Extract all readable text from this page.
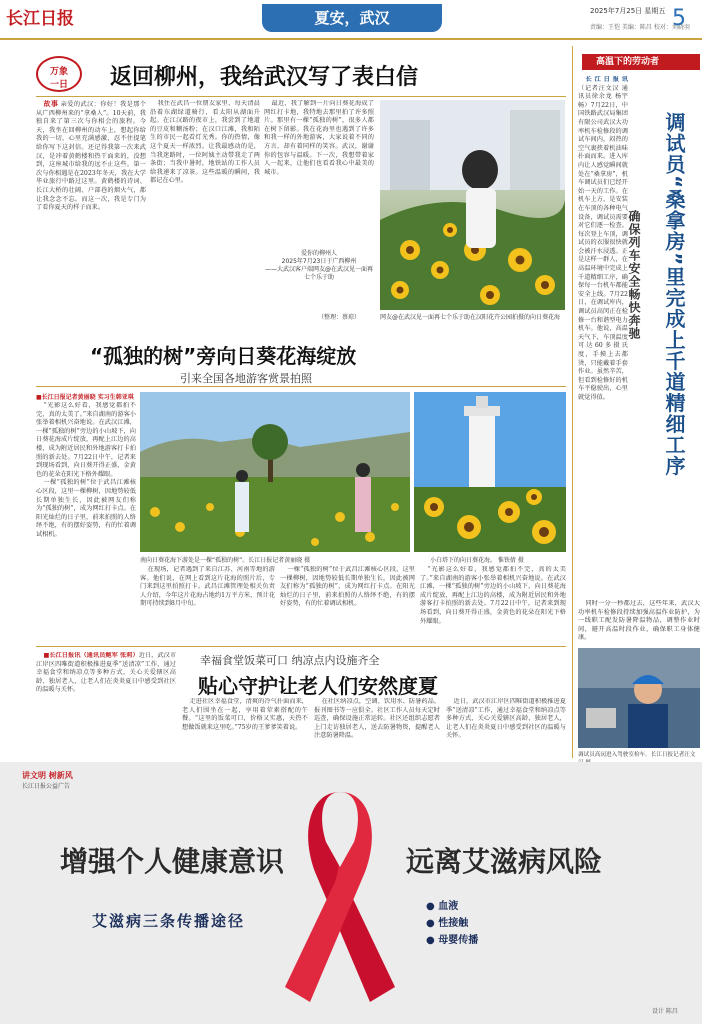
长江日报	夏安，武汉	2025年7月25日 星期五
责编：王恺 美编：陈昌 校对：刘晓羽
5
万象
一日	返回柳州，我给武汉写了表白信

故事 亲爱的武汉：你好！我是那个从广西柳州来的“拿桑人”。10天前，我独自来了第三次与你相会的旅程。今天，我坐在回柳州的动车上，想起你给我的一切，心里充满感激，忍不住提笔给你写下这封信。还记得我第一次来武汉，是冲着黄鹤楼和热干面来的，没想到，这座城市给我的远不止这些。第一次与你相遇是在2023年冬天，我在大学毕业旅行中路过这里。黄鹤楼的诗词、长江大桥的壮阔、户部巷的烟火气，都让我念念不忘。而这一次，我是专门为了看你夏天的样子而来。

我住在武昌一位朋友家里，每天清晨沿着东湖绿道骑行，看太阳从湖面升起。在江汉路的夜市上，我尝到了地道的豆皮和糊汤粉；在汉口江滩，我和陌生的市民一起看灯光秀。你的热情，像这个夏天一样浓烈。让我最感动的是，当我迷路时，一位阿姨主动带我走了两条街；当我中暑时，地铁站的工作人员给我递来了凉茶。这些温暖的瞬间，我都记在心里。

最近，我了解到一片向日葵花海成了网红打卡地，我特地去那里拍了许多照片。那里有一棵“孤独的树”，很多人都在树下留影。我在花海里也遇到了许多和我一样的外地游客，大家说着不同的方言，却有着同样的笑容。武汉，谢谢你的包容与温暖。下一次，我想带着家人一起来，让他们也看看我心中最美的城市。

爱你的柳州人
2025年7月23日于广西柳州
——大武汉客户端网友@在武汉见一面再七个乐于助
（整理：蔡琼）	网友@在武汉见一面再七个乐于助在汉阳花卉公园拍摄的向日葵花海
“孤独的树”旁向日葵花海绽放
引来全国各地游客赏景拍照
■长江日报记者黄丽晓 实习生韩亚琪

“光影这么好看，我感觉都拍不完，真的太美了。”来自湖南的游客小张举着相机兴奋地说。在武汉江滩，一棵“孤独的树”旁边的小山坡下，向日葵花海成片绽放，再配上江边的高楼，成为附近居民和外地游客打卡拍照的新去处。7月22日中午，记者来到现场看到，向日葵开得正盛，金黄色的花朵在阳光下格外耀眼。

一棵“孤独的树”位于武昌江滩核心区段，这里一棵柳树，因地势较低长期单独生长，因此被网友们称为“孤独的树”，成为网红打卡点。在阳光灿烂的日子里，前来拍照的人络绎不绝，有的摆好姿势，有的忙着调试相机。

南向日葵花海下游处是一棵“孤独的树”。长江日报记者黄丽晓 摄	小白塔下的向日葵花海。 惟铁倩 摄

在现场，记者遇到了来自江苏、河南等地的游客。他们说，在网上看到这片花海的照片后，专门来到这里拍照打卡。武昌江滩管理处相关负责人介绍，今年这片花海占地约1万平方米，预计花期可持续到8月中旬。

一棵“孤独的树”位于武昌江滩核心区段，这里一棵柳树，因地势较低长期单独生长，因此被网友们称为“孤独的树”，成为网红打卡点。在阳光灿烂的日子里，前来拍照的人络绎不绝，有的摆好姿势，有的忙着调试相机。

“光影这么好看，我感觉都拍不完，真的太美了。”来自湖南的游客小张举着相机兴奋地说。在武汉江滩，一棵“孤独的树”旁边的小山坡下，向日葵花海成片绽放，再配上江边的高楼，成为附近居民和外地游客打卡拍照的新去处。7月22日中午，记者来到现场看到，向日葵开得正盛，金黄色的花朵在阳光下格外耀眼。

幸福食堂饭菜可口 纳凉点内设施齐全
贴心守护让老人们安然度夏

■长江日报讯（通讯员鲍军 张莉）近日，武汉市江岸区四唯街道积极推进夏季“送清凉”工作，通过幸福食堂和纳凉点等多种方式，关心关爱辖区高龄、独居老人，让老人们在炎炎夏日中感受到社区的温暖与关怀。

走进社区幸福食堂，清爽的冷气扑面而来，老人们围坐在一起，享用着荤素搭配的午餐。“这里的饭菜可口，价格又实惠，天热不想做饭就来这里吃。”75岁的王爹爹笑着说。

在社区纳凉点，空调、饮用水、防暑药品、报刊图书等一应俱全。社区工作人员每天定时巡查，确保设施正常运转。社区还组织志愿者上门走访独居老人，送去防暑物资，提醒老人注意防暑降温。

近日，武汉市江岸区四唯街道积极推进夏季“送清凉”工作，通过幸福食堂和纳凉点等多种方式，关心关爱辖区高龄、独居老人，让老人们在炎炎夏日中感受到社区的温暖与关怀。

高温下的劳动者
调试员“桑拿房”里完成上千道精细工序
确保列车安全畅快奔驰

长江日报讯（记者汪文汉 通讯员徐余龙 杨宇畅）7月22日，中国铁路武汉局集团有限公司武汉大功率机车检修段的调试车间内，闷热的空气裹挟着机油味扑面而来。进入库内让人感觉瞬间就处在“桑拿房”，机车调试员们已经开始一天的工作。在机车上方，是安装在车顶的各种电气设备，调试员需要对它们逐一检查。每次登上车顶，调试员的衣服很快就会被汗水浸透。正是这样一群人，在高温环境中完成上千道精细工序，确保每一台机车都能安全上线。7月22日，在调试库内，调试员高闵正在检修一台和谐型电力机车。他说，高温天气下，车顶温度可达60多摄氏度，手摸上去都烫，只能戴着手套作业。虽然辛苦，但看到检修好的机车平稳驶出，心里就觉得值。

同时一分一秒都过去，这些年来，武汉大功率机车检修段持续加强高温作业防护，为一线职工配发防暑降温物品，调整作业时间，避开高温时段作业，确保职工身体健康。

调试员高闵进入驾驶室检车。长江日报记者汪文
讲文明 树新风
长江日报公益广告
增强个人健康意识	远离艾滋病风险
艾滋病三条传播途径
● 血液
● 性接触
● 母婴传播
设计 陈昌
